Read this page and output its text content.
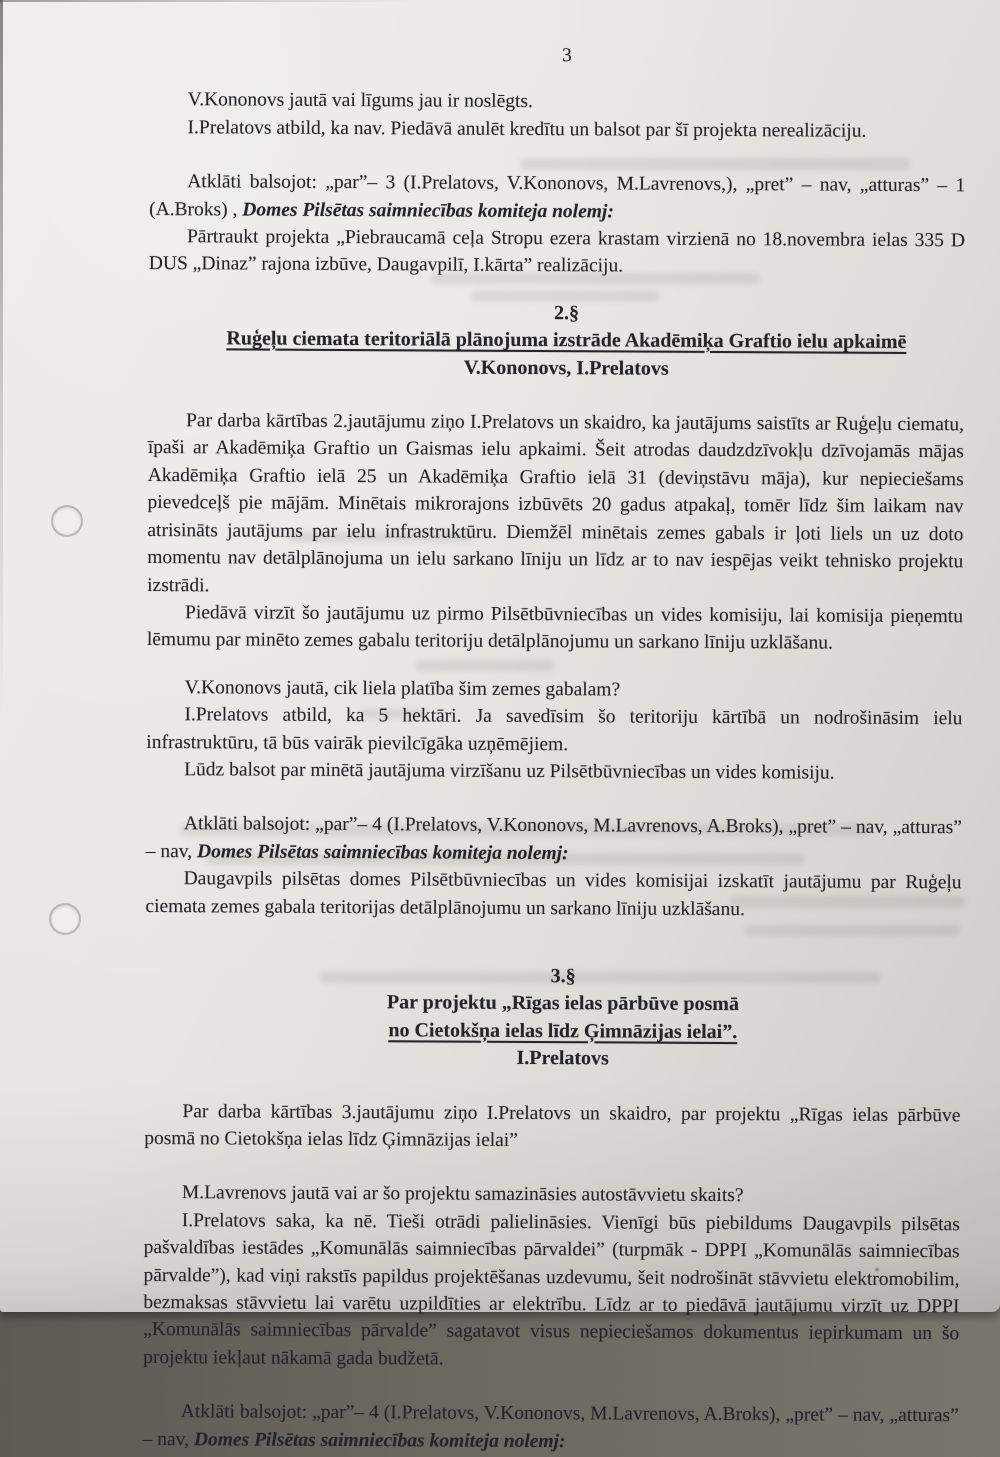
3

V.Kononovs jautā vai līgums jau ir noslēgts.

I.Prelatovs atbild, ka nav. Piedāvā anulēt kredītu un balsot par šī projekta nerealizāciju.

Atklāti balsojot: „par”– 3 (I.Prelatovs, V.Kononovs, M.Lavrenovs,), „pret” – nav, „atturas” – 1 (A.Broks) , Domes Pilsētas saimniecības komiteja nolemj:

Pārtraukt projekta „Piebraucamā ceļa Stropu ezera krastam virzienā no 18.novembra ielas 335 D DUS „Dinaz” rajona izbūve, Daugavpilī, I.kārta” realizāciju.

2.§
Ruģeļu ciemata teritoriālā plānojuma izstrāde Akadēmiķa Graftio ielu apkaimē
V.Kononovs, I.Prelatovs

Par darba kārtības 2.jautājumu ziņo I.Prelatovs un skaidro, ka jautājums saistīts ar Ruģeļu ciematu, īpaši ar Akadēmiķa Graftio un Gaismas ielu apkaimi. Šeit atrodas daudzdzīvokļu dzīvojamās mājas Akadēmiķa Graftio ielā 25 un Akadēmiķa Graftio ielā 31 (deviņstāvu māja), kur nepieciešams pievedceļš pie mājām. Minētais mikrorajons izbūvēts 20 gadus atpakaļ, tomēr līdz šim laikam nav atrisināts jautājums par ielu infrastruktūru. Diemžēl minētais zemes gabals ir ļoti liels un uz doto momentu nav detālplānojuma un ielu sarkano līniju un līdz ar to nav iespējas veikt tehnisko projektu izstrādi.

Piedāvā virzīt šo jautājumu uz pirmo Pilsētbūvniecības un vides komisiju, lai komisija pieņemtu lēmumu par minēto zemes gabalu teritoriju detālplānojumu un sarkano līniju uzklāšanu.

V.Kononovs jautā, cik liela platība šim zemes gabalam?

I.Prelatovs atbild, ka 5 hektāri. Ja savedīsim šo teritoriju kārtībā un nodrošināsim ielu infrastruktūru, tā būs vairāk pievilcīgāka uzņēmējiem.

Lūdz balsot par minētā jautājuma virzīšanu uz Pilsētbūvniecības un vides komisiju.

Atklāti balsojot: „par”– 4 (I.Prelatovs, V.Kononovs, M.Lavrenovs, A.Broks), „pret” – nav, „atturas” – nav, Domes Pilsētas saimniecības komiteja nolemj:

Daugavpils pilsētas domes Pilsētbūvniecības un vides komisijai izskatīt jautājumu par Ruģeļu ciemata zemes gabala teritorijas detālplānojumu un sarkano līniju uzklāšanu.

3.§
Par projektu „Rīgas ielas pārbūve posmā
no Cietokšņa ielas līdz Ģimnāzijas ielai”.
I.Prelatovs

Par darba kārtības 3.jautājumu ziņo I.Prelatovs un skaidro, par projektu „Rīgas ielas pārbūve posmā no Cietokšņa ielas līdz Ģimnāzijas ielai”

M.Lavrenovs jautā vai ar šo projektu samazināsies autostāvvietu skaits?

I.Prelatovs saka, ka nē. Tieši otrādi palielināsies. Vienīgi būs piebildums Daugavpils pilsētas pašvaldības iestādes „Komunālās saimniecības pārvaldei” (turpmāk - DPPI „Komunālās saimniecības pārvalde”), kad viņi rakstīs papildus projektēšanas uzdevumu, šeit nodrošināt stāvvietu elektromobilim, bezmaksas stāvvietu lai varētu uzpildīties ar elektrību. Līdz ar to piedāvā jautājumu virzīt uz DPPI „Komunālās saimniecības pārvalde” sagatavot visus nepieciešamos dokumentus iepirkumam un šo projektu iekļaut nākamā gada budžetā.

Atklāti balsojot: „par”– 4 (I.Prelatovs, V.Kononovs, M.Lavrenovs, A.Broks), „pret” – nav, „atturas” – nav, Domes Pilsētas saimniecības komiteja nolemj:
